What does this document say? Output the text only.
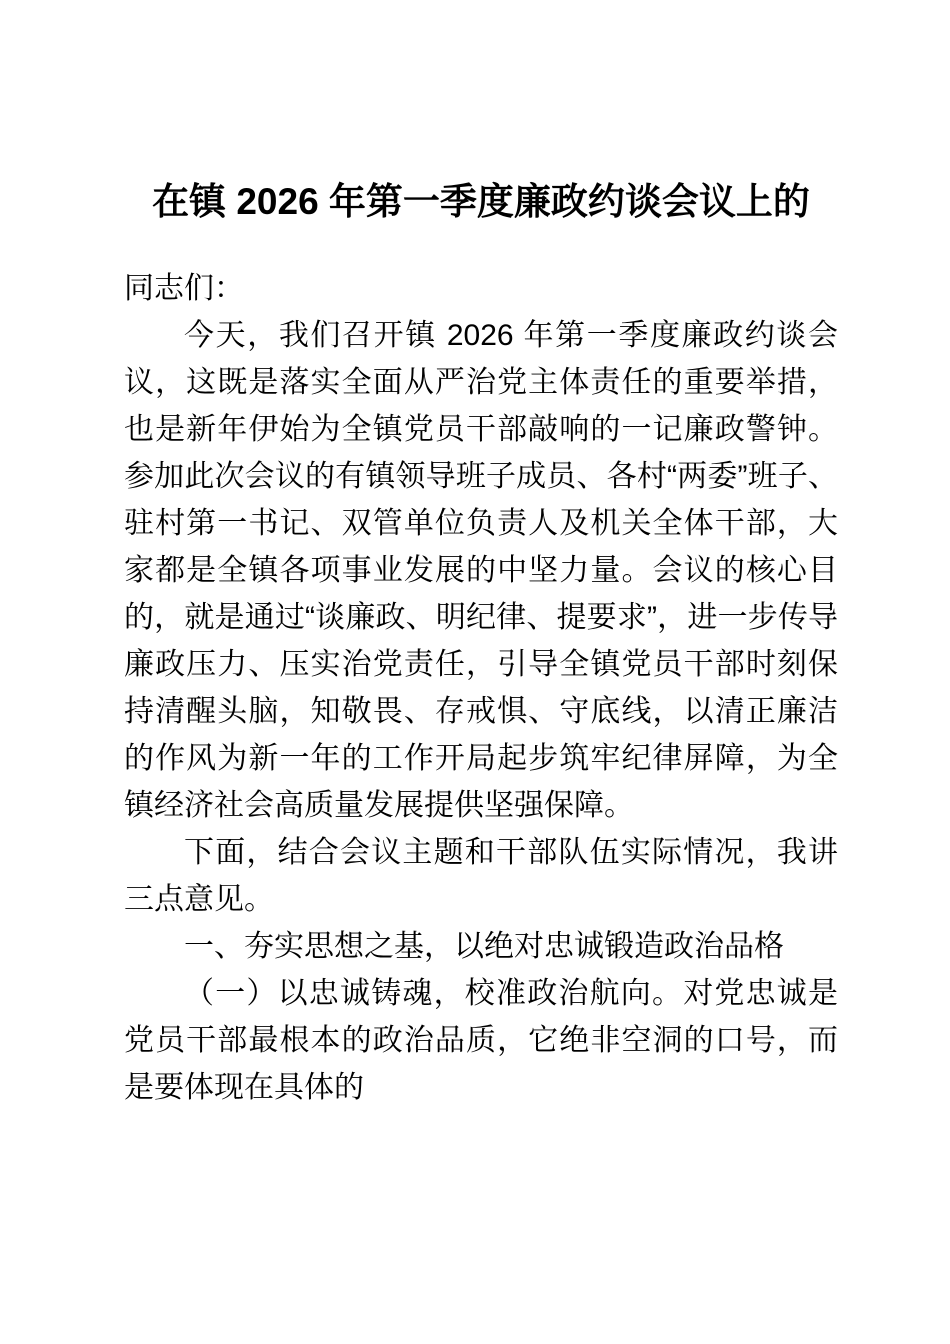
在镇 2026 年第一季度廉政约谈会议上的

同志们：

今天，我们召开镇 2026 年第一季度廉政约谈会议，这既是落实全面从严治党主体责任的重要举措，也是新年伊始为全镇党员干部敲响的一记廉政警钟。参加此次会议的有镇领导班子成员、各村“两委”班子、驻村第一书记、双管单位负责人及机关全体干部，大家都是全镇各项事业发展的中坚力量。会议的核心目的，就是通过“谈廉政、明纪律、提要求”，进一步传导廉政压力、压实治党责任，引导全镇党员干部时刻保持清醒头脑，知敬畏、存戒惧、守底线，以清正廉洁的作风为新一年的工作开局起步筑牢纪律屏障，为全镇经济社会高质量发展提供坚强保障。

下面，结合会议主题和干部队伍实际情况，我讲三点意见。

一、夯实思想之基，以绝对忠诚锻造政治品格

（一）以忠诚铸魂，校准政治航向。对党忠诚是党员干部最根本的政治品质，它绝非空洞的口号，而是要体现在具体的
